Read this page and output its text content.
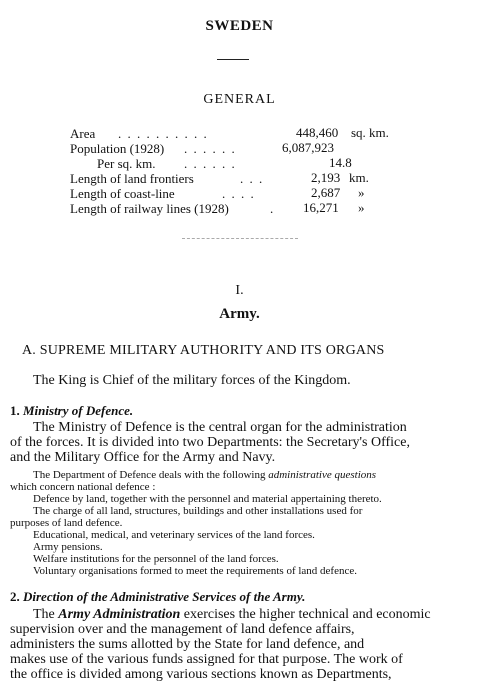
SWEDEN
GENERAL
Area . . . . . . . . . .	448,460 sq. km.
Population (1928) . . . . . .	6,087,923
Per sq. km. . . . . . .	14.8
Length of land frontiers	. . .	2,193 km.
Length of coast-line	. . . .	2,687 »
Length of railway lines (1928)	. 16,271 »
I.
Army.
A. SUPREME MILITARY AUTHORITY AND ITS ORGANS
The King is Chief of the military forces of the Kingdom.
1. Ministry of Defence.
The Ministry of Defence is the central organ for the administration
of the forces. It is divided into two Departments: the Secretary's Office,
and the Military Office for the Army and Navy.
The Department of Defence deals with the following administrative questions
which concern national defence :
Defence by land, together with the personnel and material appertaining thereto.
The charge of all land, structures, buildings and other installations used for
purposes of land defence.
Educational, medical, and veterinary services of the land forces.
Army pensions.
Welfare institutions for the personnel of the land forces.
Voluntary organisations formed to meet the requirements of land defence.
2. Direction of the Administrative Services of the Army.
The Army Administration exercises the higher technical and economic
supervision over and the management of land defence affairs,
administers the sums allotted by the State for land defence, and
makes use of the various funds assigned for that purpose. The work of
the office is divided among various sections known as Departments,
